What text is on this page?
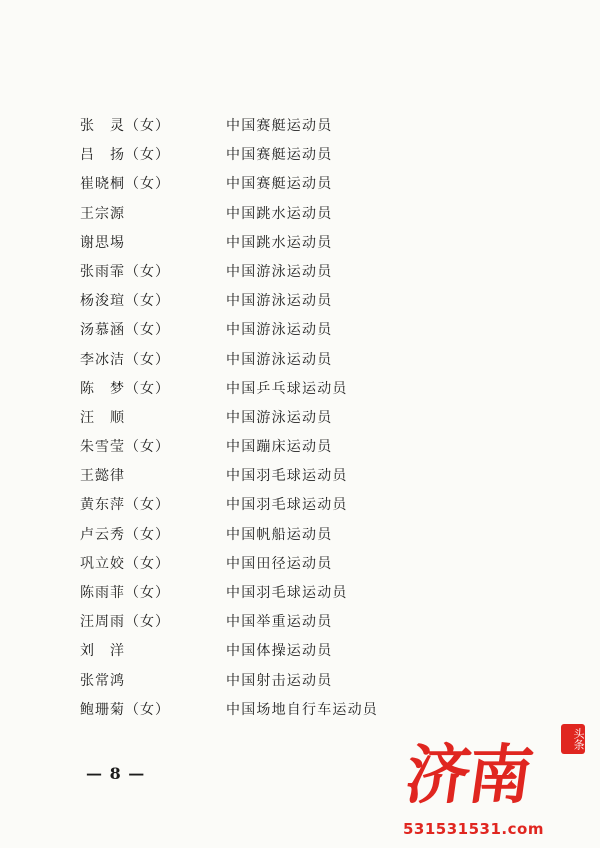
张　灵（女）	中国赛艇运动员
吕　扬（女）	中国赛艇运动员
崔晓桐（女）	中国赛艇运动员
王宗源	中国跳水运动员
谢思埸	中国跳水运动员
张雨霏（女）	中国游泳运动员
杨浚瑄（女）	中国游泳运动员
汤慕涵（女）	中国游泳运动员
李冰洁（女）	中国游泳运动员
陈　梦（女）	中国乒乓球运动员
汪　顺	中国游泳运动员
朱雪莹（女）	中国蹦床运动员
王懿律	中国羽毛球运动员
黄东萍（女）	中国羽毛球运动员
卢云秀（女）	中国帆船运动员
巩立姣（女）	中国田径运动员
陈雨菲（女）	中国羽毛球运动员
汪周雨（女）	中国举重运动员
刘　洋	中国体操运动员
张常鸿	中国射击运动员
鲍珊菊（女）	中国场地自行车运动员
— 8 —	济南	头条
531531531.com
